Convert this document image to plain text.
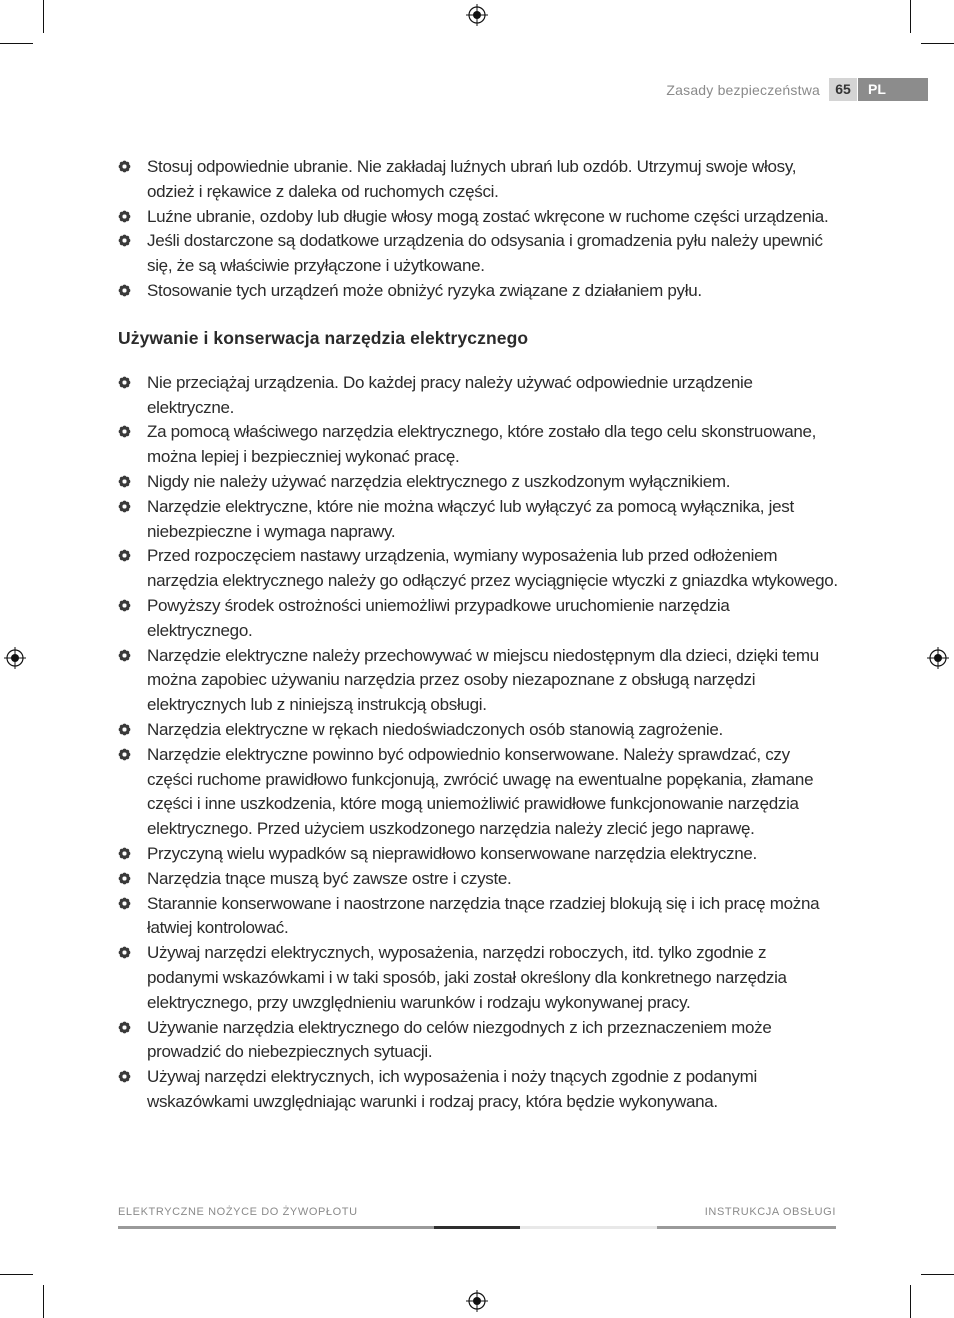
Zasady bezpieczeństwa	65	PL
Stosuj odpowiednie ubranie. Nie zakładaj luźnych ubrań lub ozdób. Utrzymuj swoje włosy, odzież i rękawice z daleka od ruchomych części.
Luźne ubranie, ozdoby lub długie włosy mogą zostać wkręcone w ruchome części urządzenia.
Jeśli dostarczone są dodatkowe urządzenia do odsysania i gromadzenia pyłu należy upewnić się, że są właściwie przyłączone i użytkowane.
Stosowanie tych urządzeń może obniżyć ryzyka związane z działaniem pyłu.
Używanie i konserwacja narzędzia elektrycznego
Nie przeciążaj urządzenia. Do każdej pracy należy używać odpowiednie urządzenie elektryczne.
Za pomocą właściwego narzędzia elektrycznego, które zostało dla tego celu skonstruowane, można lepiej i bezpieczniej wykonać pracę.
Nigdy nie należy używać narzędzia elektrycznego z uszkodzonym wyłącznikiem.
Narzędzie elektryczne, które nie można włączyć lub wyłączyć za pomocą wyłącznika, jest niebezpieczne i wymaga naprawy.
Przed rozpoczęciem nastawy urządzenia, wymiany wyposażenia lub przed odłożeniem narzędzia elektrycznego należy go odłączyć przez wyciągnięcie wtyczki z gniazdka wtykowego.
Powyższy środek ostrożności uniemożliwi przypadkowe uruchomienie narzędzia elektrycznego.
Narzędzie elektryczne należy przechowywać w miejscu niedostępnym dla dzieci, dzięki temu można zapobiec używaniu narzędzia przez osoby niezapoznane z obsługą narzędzi elektrycznych lub z niniejszą instrukcją obsługi.
Narzędzia elektryczne w rękach niedoświadczonych osób stanowią zagrożenie.
Narzędzie elektryczne powinno być odpowiednio konserwowane. Należy sprawdzać, czy części ruchome prawidłowo funkcjonują, zwrócić uwagę na ewentualne popękania, złamane części i inne uszkodzenia, które mogą uniemożliwić prawidłowe funkcjonowanie narzędzia elektrycznego. Przed użyciem uszkodzonego narzędzia należy zlecić jego naprawę.
Przyczyną wielu wypadków są nieprawidłowo konserwowane narzędzia elektryczne.
Narzędzia tnące muszą być zawsze ostre i czyste.
Starannie konserwowane i naostrzone narzędzia tnące rzadziej blokują się i ich pracę można łatwiej kontrolować.
Używaj narzędzi elektrycznych, wyposażenia, narzędzi roboczych, itd. tylko zgodnie z podanymi wskazówkami i w taki sposób, jaki został określony dla konkretnego narzędzia elektrycznego, przy uwzględnieniu warunków i rodzaju wykonywanej pracy.
Używanie narzędzia elektrycznego do celów niezgodnych z ich przeznaczeniem może prowadzić do niebezpiecznych sytuacji.
Używaj narzędzi elektrycznych, ich wyposażenia i noży tnących zgodnie z podanymi wskazówkami uwzględniając warunki i rodzaj pracy, która będzie wykonywana.
ELEKTRYCZNE NOŻYCE DO ŻYWOPŁOTU	INSTRUKCJA OBSŁUGI
